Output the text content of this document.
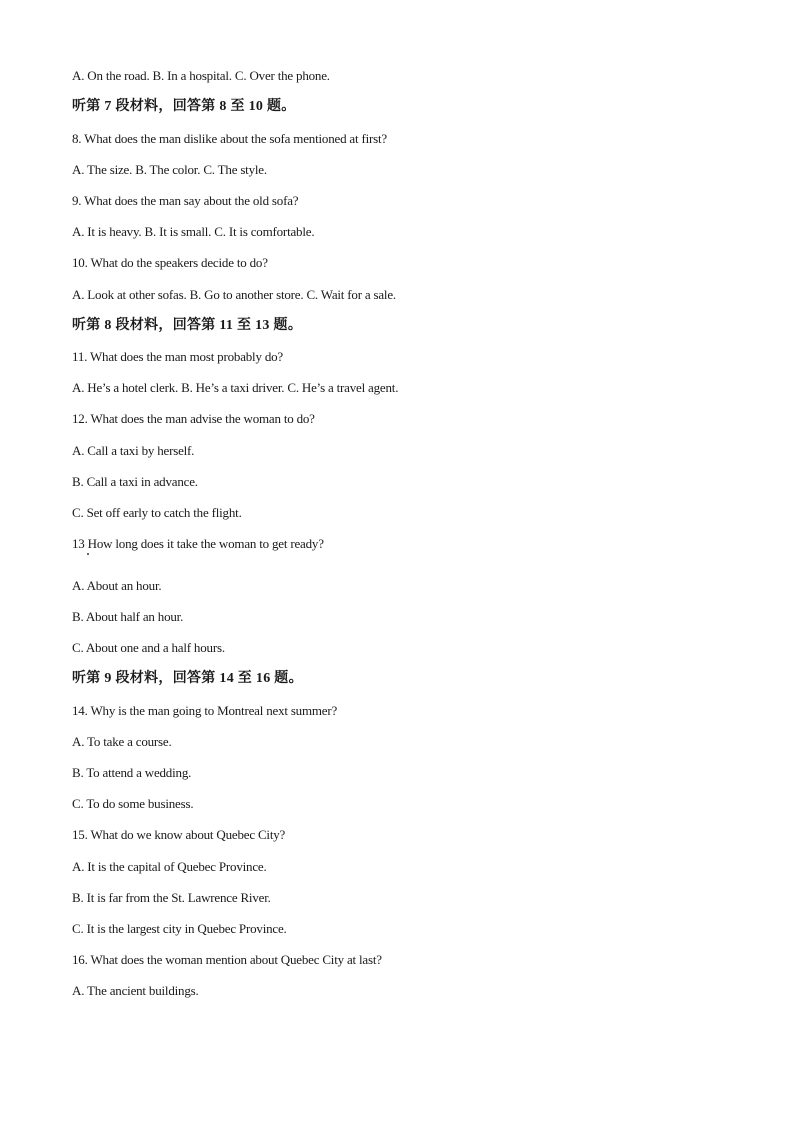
A. On the road. B. In a hospital. C. Over the phone.
听第 7 段材料，回答第 8 至 10 题。
8. What does the man dislike about the sofa mentioned at first?
A. The size. B. The color. C. The style.
9. What does the man say about the old sofa?
A. It is heavy. B. It is small. C. It is comfortable.
10. What do the speakers decide to do?
A. Look at other sofas. B. Go to another store. C. Wait for a sale.
听第 8 段材料，回答第 11 至 13 题。
11. What does the man most probably do?
A. He’s a hotel clerk. B. He’s a taxi driver. C. He’s a travel agent.
12. What does the man advise the woman to do?
A. Call a taxi by herself.
B. Call a taxi in advance.
C. Set off early to catch the flight.
13 How long does it take the woman to get ready?
A. About an hour.
B. About half an hour.
C. About one and a half hours.
听第 9 段材料，回答第 14 至 16 题。
14. Why is the man going to Montreal next summer?
A. To take a course.
B. To attend a wedding.
C. To do some business.
15. What do we know about Quebec City?
A. It is the capital of Quebec Province.
B. It is far from the St. Lawrence River.
C. It is the largest city in Quebec Province.
16. What does the woman mention about Quebec City at last?
A. The ancient buildings.
